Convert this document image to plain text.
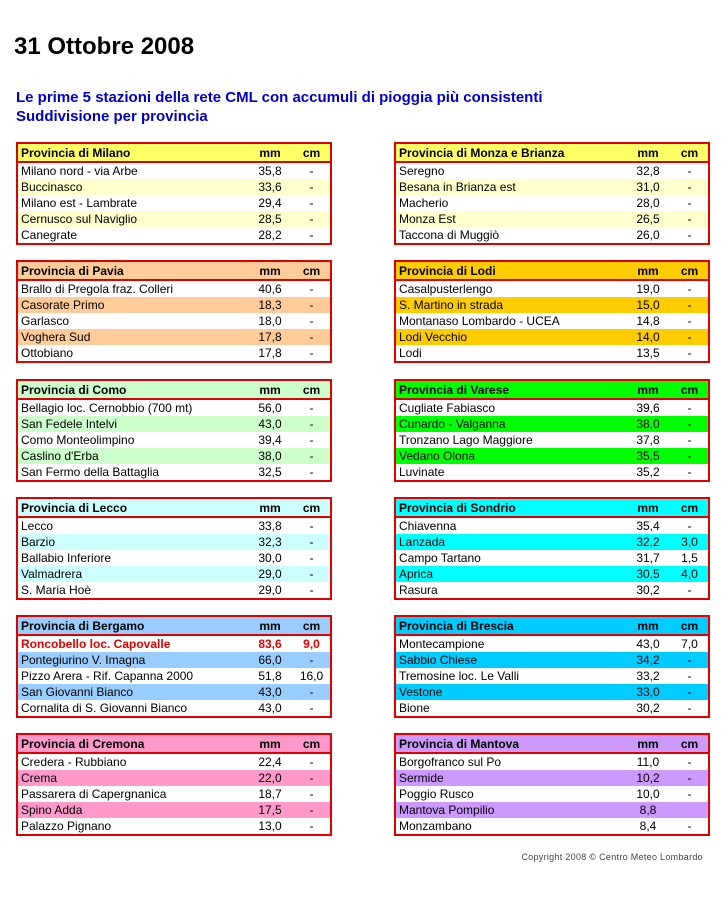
31 Ottobre 2008

Le prime 5 stazioni della rete CML con accumuli di pioggia più consistenti

Suddivisione per provincia

Provincia di Milano	mm	cm
Milano nord - via Arbe	35,8	-
Buccinasco	33,6	-
Milano est - Lambrate	29,4	-
Cernusco sul Naviglio	28,5	-
Canegrate	28,2	-
Provincia di Monza e Brianza	mm	cm
Seregno	32,8	-
Besana in Brianza est	31,0	-
Macherio	28,0	-
Monza Est	26,5	-
Taccona di Muggiò	26,0	-
Provincia di Pavia	mm	cm
Brallo di Pregola fraz. Colleri	40,6	-
Casorate Primo	18,3	-
Garlasco	18,0	-
Voghera Sud	17,8	-
Ottobiano	17,8	-
Provincia di Lodi	mm	cm
Casalpusterlengo	19,0	-
S. Martino in strada	15,0	-
Montanaso Lombardo - UCEA	14,8	-
Lodi Vecchio	14,0	-
Lodi	13,5	-
Provincia di Como	mm	cm
Bellagio loc. Cernobbio (700 mt)	56,0	-
San Fedele Intelvi	43,0	-
Como Monteolimpino	39,4	-
Caslino d'Erba	38,0	-
San Fermo della Battaglia	32,5	-
Provincia di Varese	mm	cm
Cugliate Fabiasco	39,6	-
Cunardo - Valganna	38,0	-
Tronzano Lago Maggiore	37,8	-
Vedano Olona	35,5	-
Luvinate	35,2	-
Provincia di Lecco	mm	cm
Lecco	33,8	-
Barzio	32,3	-
Ballabio Inferiore	30,0	-
Valmadrera	29,0	-
S. Maria Hoè	29,0	-
Provincia di Sondrio	mm	cm
Chiavenna	35,4	-
Lanzada	32,2	3,0
Campo Tartano	31,7	1,5
Aprica	30,5	4,0
Rasura	30,2	-
Provincia di Bergamo	mm	cm
Roncobello loc. Capovalle	83,6	9,0
Pontegiurino V. Imagna	66,0	-
Pizzo Arera - Rif. Capanna 2000	51,8	16,0
San Giovanni Bianco	43,0	-
Cornalita di S. Giovanni Bianco	43,0	-
Provincia di Brescia	mm	cm
Montecampione	43,0	7,0
Sabbio Chiese	34,2	-
Tremosine loc. Le Valli	33,2	-
Vestone	33,0	-
Bione	30,2	-
Provincia di Cremona	mm	cm
Credera - Rubbiano	22,4	-
Crema	22,0	-
Passarera di Capergnanica	18,7	-
Spino Adda	17,5	-
Palazzo Pignano	13,0	-
Provincia di Mantova	mm	cm
Borgofranco sul Po	11,0	-
Sermide	10,2	-
Poggio Rusco	10,0	-
Mantova Pompilio	8,8	
Monzambano	8,4	-
Copyright 2008 © Centro Meteo Lombardo
